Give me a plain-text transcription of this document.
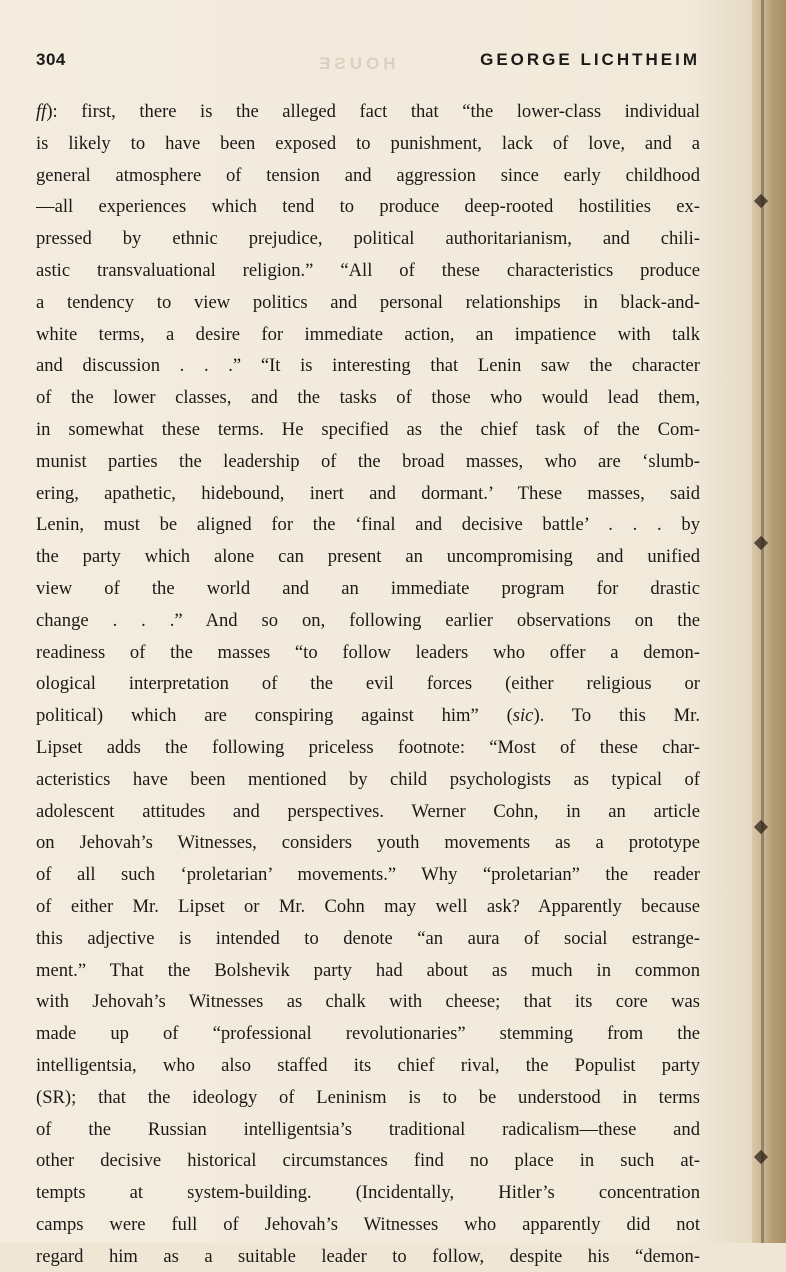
HOUSE
304	GEORGE LICHTHEIM
ff): first, there is the alleged fact that “the lower-class individual
is likely to have been exposed to punishment, lack of love, and a
general atmosphere of tension and aggression since early childhood
—all experiences which tend to produce deep-rooted hostilities ex-
pressed by ethnic prejudice, political authoritarianism, and chili-
astic transvaluational religion.” “All of these characteristics produce
a tendency to view politics and personal relationships in black-and-
white terms, a desire for immediate action, an impatience with talk
and discussion . . .” “It is interesting that Lenin saw the character
of the lower classes, and the tasks of those who would lead them,
in somewhat these terms. He specified as the chief task of the Com-
munist parties the leadership of the broad masses, who are ‘slumb-
ering, apathetic, hidebound, inert and dormant.’ These masses, said
Lenin, must be aligned for the ‘final and decisive battle’ . . . by
the party which alone can present an uncompromising and unified
view of the world and an immediate program for drastic
change . . .” And so on, following earlier observations on the
readiness of the masses “to follow leaders who offer a demon-
ological interpretation of the evil forces (either religious or
political) which are conspiring against him” (sic). To this Mr.
Lipset adds the following priceless footnote: “Most of these char-
acteristics have been mentioned by child psychologists as typical of
adolescent attitudes and perspectives. Werner Cohn, in an article
on Jehovah’s Witnesses, considers youth movements as a prototype
of all such ‘proletarian’ movements.” Why “proletarian” the reader
of either Mr. Lipset or Mr. Cohn may well ask? Apparently because
this adjective is intended to denote “an aura of social estrange-
ment.” That the Bolshevik party had about as much in common
with Jehovah’s Witnesses as chalk with cheese; that its core was
made up of “professional revolutionaries” stemming from the
intelligentsia, who also staffed its chief rival, the Populist party
(SR); that the ideology of Leninism is to be understood in terms
of the Russian intelligentsia’s traditional radicalism—these and
other decisive historical circumstances find no place in such at-
tempts at system-building. (Incidentally, Hitler’s concentration
camps were full of Jehovah’s Witnesses who apparently did not
regard him as a suitable leader to follow, despite his “demon-
